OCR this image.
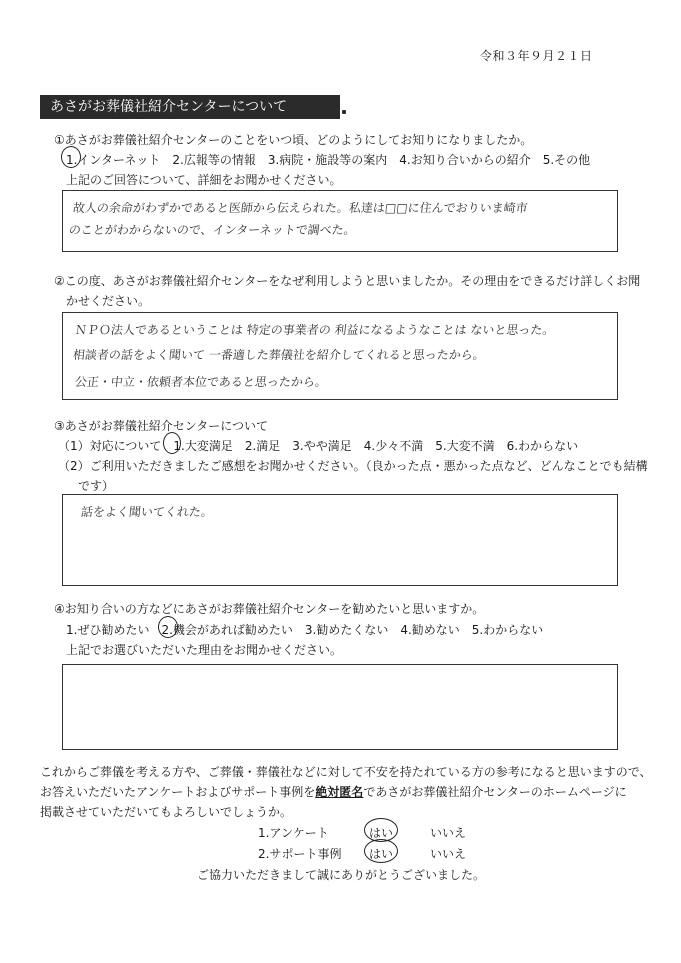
令和３年９月２１日
あさがお葬儀社紹介センターについて
①あさがお葬儀社紹介センターのことをいつ頃、どのようにしてお知りになりましたか。
1.インターネット　2.広報等の情報　3.病院・施設等の案内　4.お知り合いからの紹介　5.その他
上記のご回答について、詳細をお聞かせください。
故人の余命がわずかであると医師から伝えられた。私達は□□に住んでおりいま崎市
のことがわからないので、インターネットで調べた。
②この度、あさがお葬儀社紹介センターをなぜ利用しようと思いましたか。その理由をできるだけ詳しくお聞
かせください。
ＮＰＯ法人であるということは 特定の事業者の 利益になるようなことは ないと思った。
相談者の話をよく聞いて 一番適した葬儀社を紹介してくれると思ったから。
公正・中立・依頼者本位であると思ったから。
③あさがお葬儀社紹介センターについて
（1）対応について　1.大変満足　2.満足　3.やや満足　4.少々不満　5.大変不満　6.わからない
（2）ご利用いただきましたご感想をお聞かせください。（良かった点・悪かった点など、どんなことでも結構
です）
話をよく聞いてくれた。
④お知り合いの方などにあさがお葬儀社紹介センターを勧めたいと思いますか。
1.ぜひ勧めたい　2.機会があれば勧めたい　3.勧めたくない　4.勧めない　5.わからない
上記でお選びいただいた理由をお聞かせください。
これからご葬儀を考える方や、ご葬儀・葬儀社などに対して不安を持たれている方の参考になると思いますので、
お答えいただいたアンケートおよびサポート事例を絶対匿名であさがお葬儀社紹介センターのホームページに
掲載させていただいてもよろしいでしょうか。
1.アンケート	はい	いいえ
2.サポート事例 はい	いいえ
ご協力いただきまして誠にありがとうございました。
